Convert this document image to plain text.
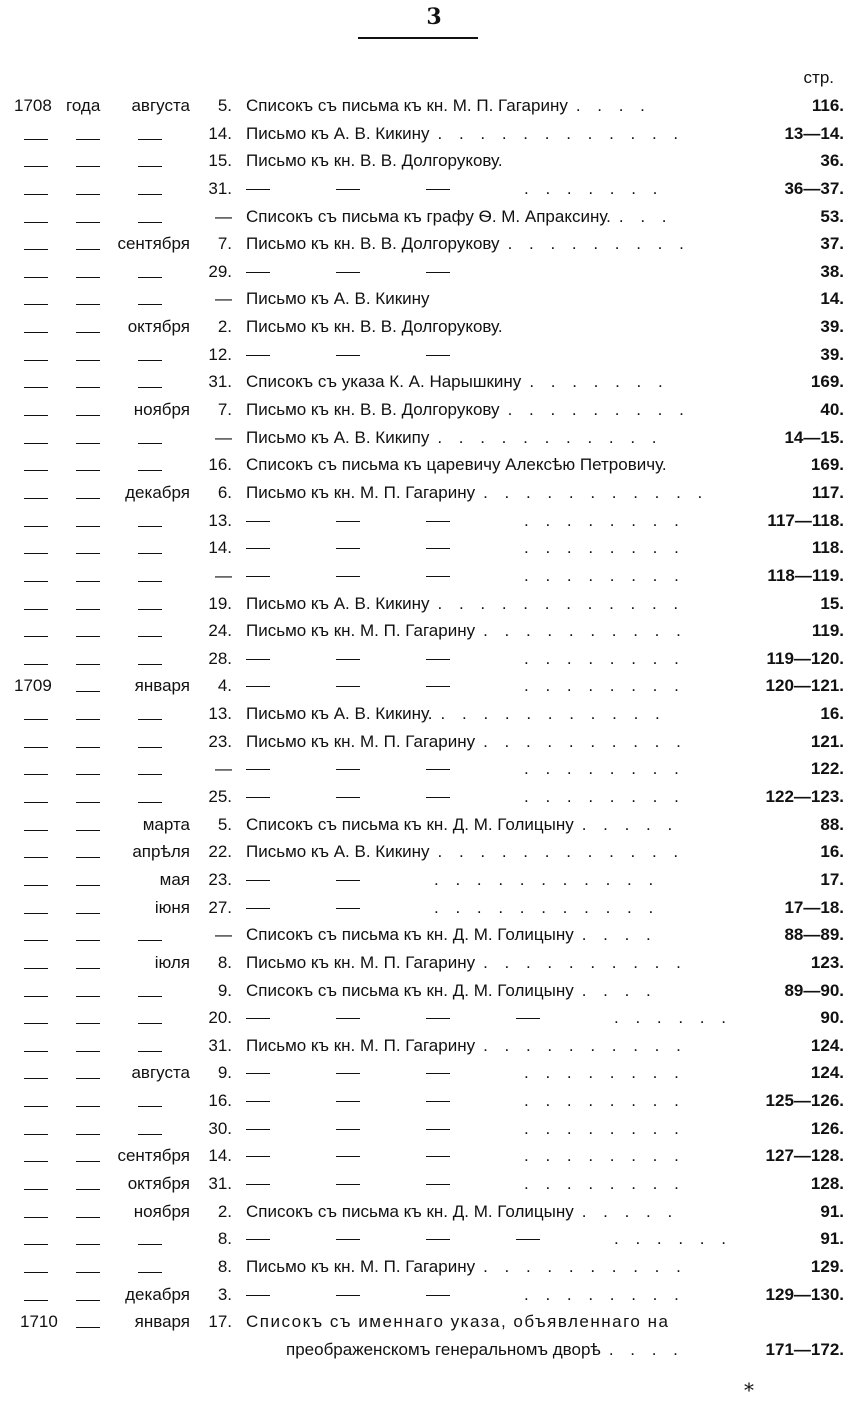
3
стр.
1708 года	августа	5. Списокъ съ письма къ кн. М. П. Гагарину . . . .	116.
14. Письмо къ А. В. Кикину . . . . . . . . . . . .	13—14.
15. Письмо къ кн. В. В. Долгорукову.	36.
31.	. . . . . . .	36—37.
— Списокъ съ письма къ графу Ѳ. М. Апраксину. . . .	53.
сентября	7. Письмо къ кн. В. В. Долгорукову . . . . . . . . .	37.
29.	38.
— Письмо къ А. В. Кикину	14.
октября	2. Письмо къ кн. В. В. Долгорукову.	39.
12.	39.
31. Списокъ съ указа К. А. Нарышкину . . . . . . .	169.
ноября	7. Письмо къ кн. В. В. Долгорукову . . . . . . . . .	40.
— Письмо къ А. В. Кикипу . . . . . . . . . . .	14—15.
16. Списокъ съ письма къ царевичу Алексѣю Петровичу.	169.
декабря	6. Письмо къ кн. М. П. Гагарину . . . . . . . . . . .	117.
13.	. . . . . . . .	117—118.
14.	. . . . . . . .	118.
—	. . . . . . . .	118—119.
19. Письмо къ А. В. Кикину . . . . . . . . . . . .	15.
24. Письмо къ кн. М. П. Гагарину . . . . . . . . . .	119.
28.	. . . . . . . .	119—120.
1709	января	4.	. . . . . . . .	120—121.
13. Письмо къ А. В. Кикину. . . . . . . . . . . .	16.
23. Письмо къ кн. М. П. Гагарину . . . . . . . . . .	121.
—	. . . . . . . .	122.
25.	. . . . . . . .	122—123.
марта	5. Списокъ съ письма къ кн. Д. М. Голицыну . . . . .	88.
апрѣля	22. Письмо къ А. В. Кикину . . . . . . . . . . . .	16.
мая	23.	. . . . . . . . . . .	17.
іюня	27.	. . . . . . . . . . .	17—18.
— Списокъ съ письма къ кн. Д. М. Голицыну . . . .	88—89.
іюля	8. Письмо къ кн. М. П. Гагарину . . . . . . . . . .	123.
9. Списокъ съ письма къ кн. Д. М. Голицыну . . . .	89—90.
20.	. . . . . .	90.
31. Письмо къ кн. М. П. Гагарину . . . . . . . . . .	124.
августа	9.	. . . . . . . .	124.
16.	. . . . . . . .	125—126.
30.	. . . . . . . .	126.
сентября	14.	. . . . . . . .	127—128.
октября	31.	. . . . . . . .	128.
ноября	2. Списокъ съ письма къ кн. Д. М. Голицыну . . . . .	91.
8.	. . . . . .	91.
8. Письмо къ кн. М. П. Гагарину . . . . . . . . . .	129.
декабря	3.	. . . . . . . .	129—130.
1710	января	17. Списокъ съ именнаго указа, объявленнаго на
преображенскомъ генеральномъ дворѣ . . . .	171—172.
*
